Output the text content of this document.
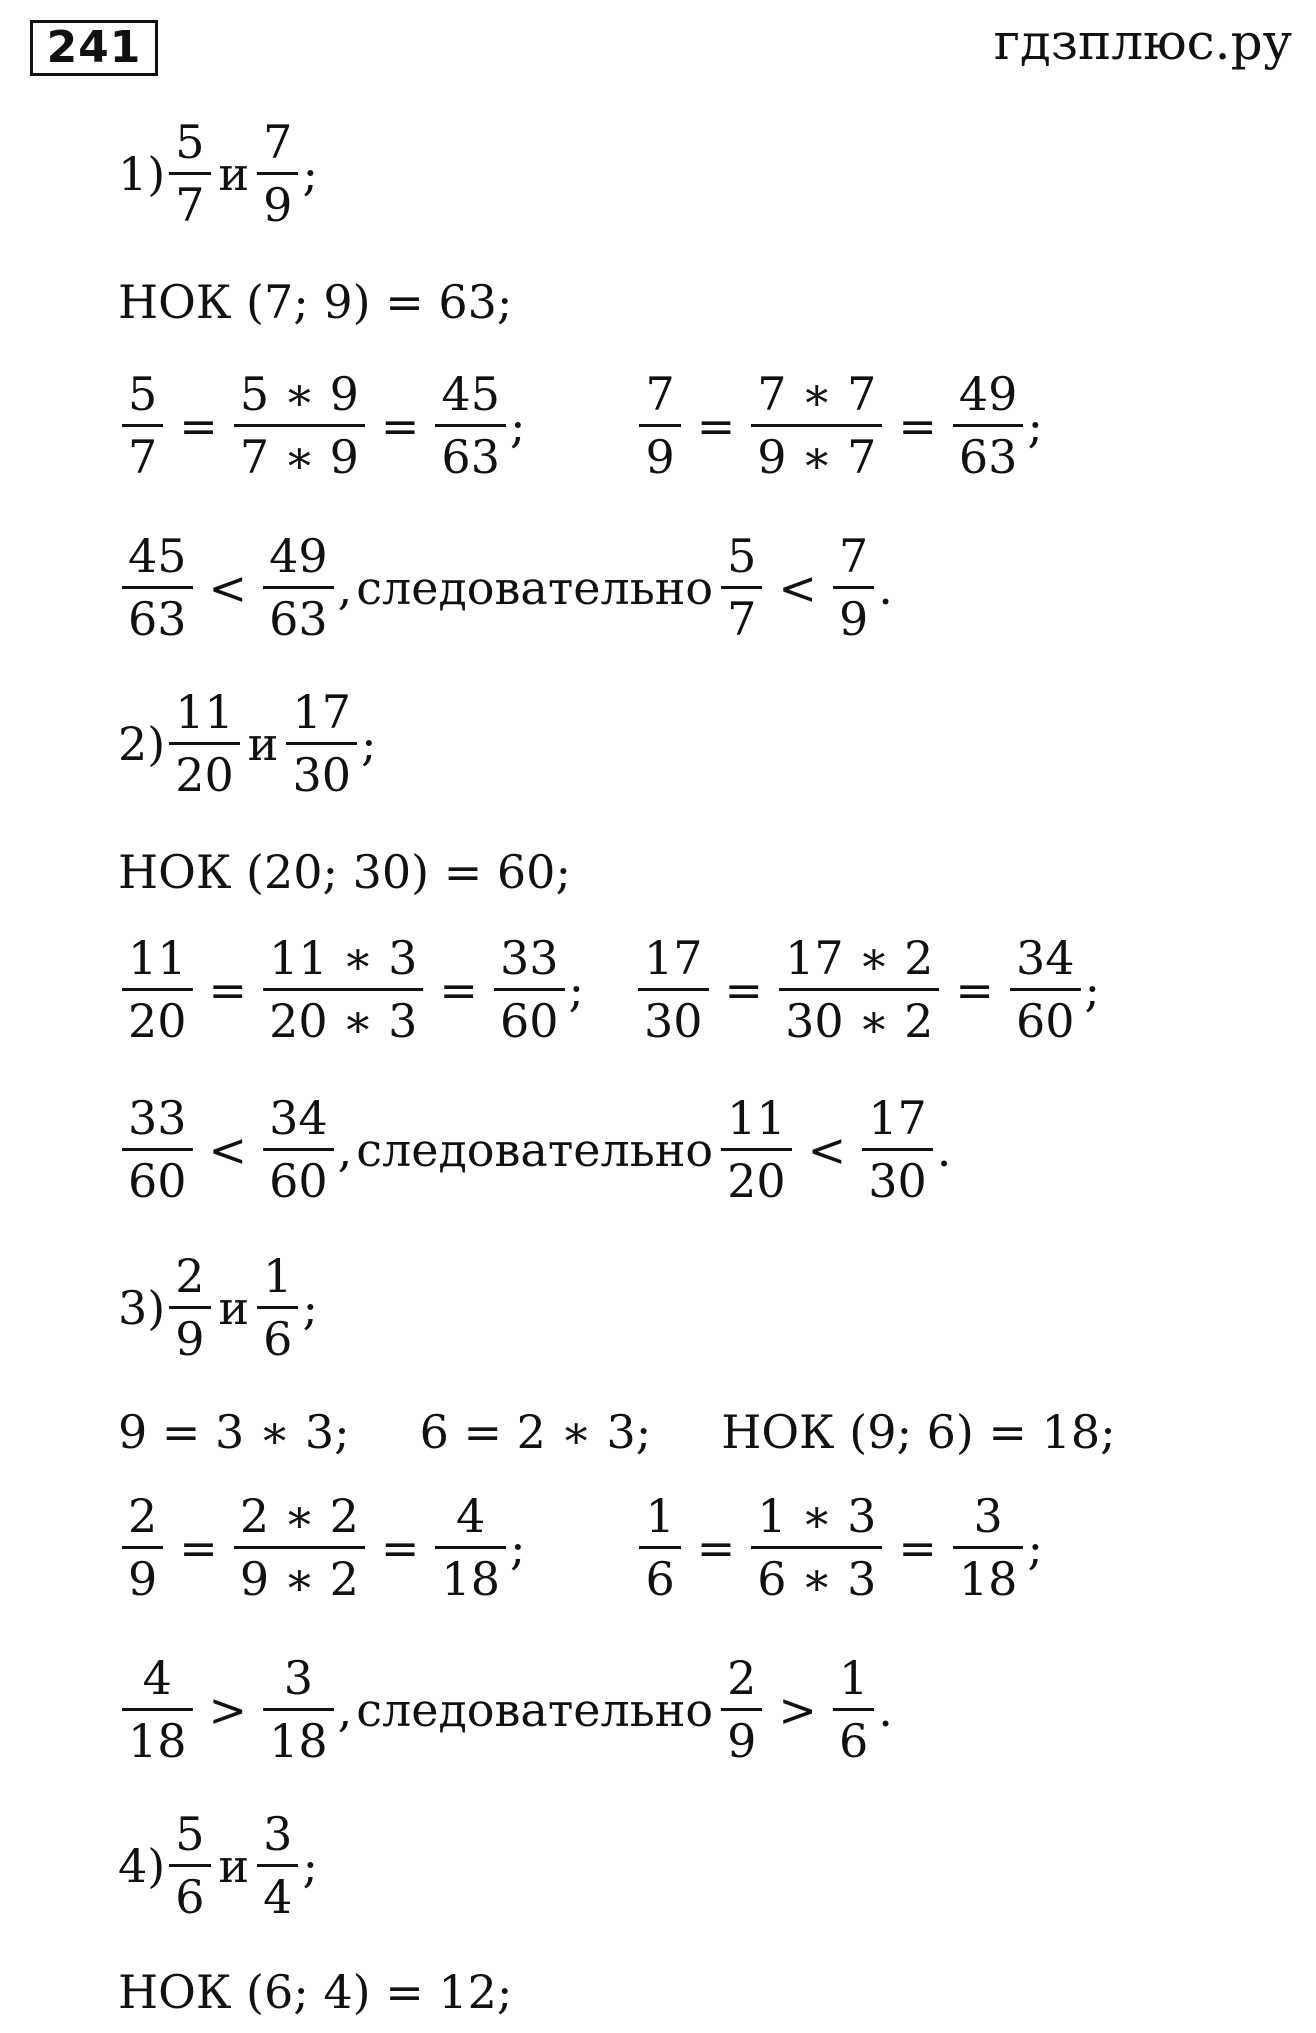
241	гдзплюс.ру
$1) \frac{5}{7}$ и $\frac{7}{9}$ ;
НОК (7; 9) = 63;
$\frac{5}{7} = \frac{5 ∗ 9}{7 ∗ 9} = \frac{45}{63}$ ; $\frac{7}{9} = \frac{7 ∗ 7}{9 ∗ 7} = \frac{49}{63}$ ;
$\frac{45}{63} < \frac{49}{63}$ , следовательно $\frac{5}{7} < \frac{7}{9}$ .
$2) \frac{11}{20}$ и $\frac{17}{30}$ ;
НОК (20; 30) = 60;
$\frac{11}{20} = \frac{11 ∗ 3}{20 ∗ 3} = \frac{33}{60}$ ; $\frac{17}{30} = \frac{17 ∗ 2}{30 ∗ 2} = \frac{34}{60}$ ;
$\frac{33}{60} < \frac{34}{60}$ , следовательно $\frac{11}{20} < \frac{17}{30}$ .
$3) \frac{2}{9}$ и $\frac{1}{6}$ ;
9 = 3 ∗ 3; 6 = 2 ∗ 3; НОК (9; 6) = 18;
$\frac{2}{9} = \frac{2 ∗ 2}{9 ∗ 2} = \frac{4}{18}$ ; $\frac{1}{6} = \frac{1 ∗ 3}{6 ∗ 3} = \frac{3}{18}$ ;
$\frac{4}{18} > \frac{3}{18}$ , следовательно $\frac{2}{9} > \frac{1}{6}$ .
$4) \frac{5}{6}$ и $\frac{3}{4}$ ;
НОК (6; 4) = 12;
